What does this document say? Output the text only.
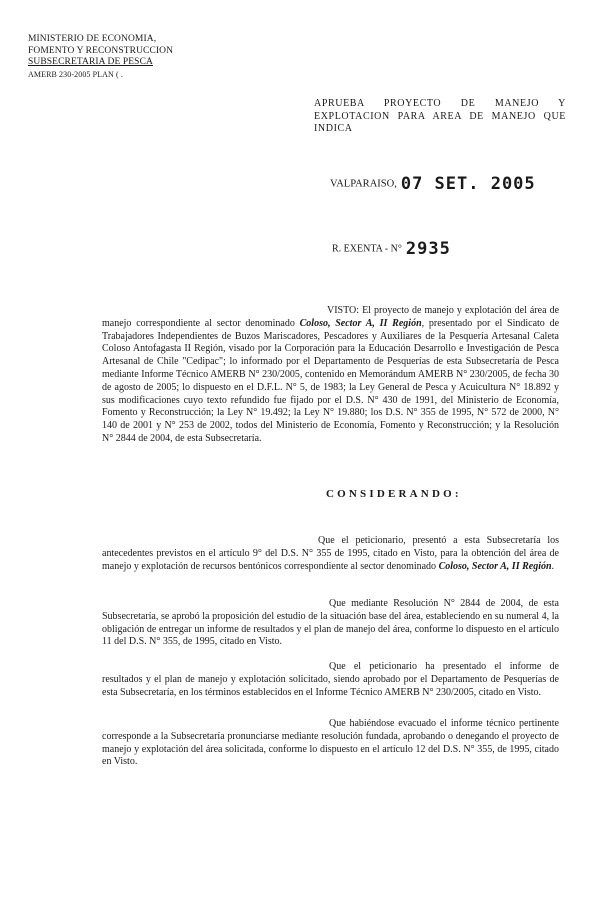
MINISTERIO DE ECONOMIA,
FOMENTO Y RECONSTRUCCION
SUBSECRETARIA DE PESCA
AMERB 230-2005 PLAN ( .
APRUEBA PROYECTO DE MANEJO Y EXPLOTACION PARA AREA DE MANEJO QUE INDICA
VALPARAISO, 07 SET. 2005
R. EXENTA - N° 2935
VISTO: El proyecto de manejo y explotación del área de manejo correspondiente al sector denominado Coloso, Sector A, II Región, presentado por el Sindicato de Trabajadores Independientes de Buzos Mariscadores, Pescadores y Auxiliares de la Pesquería Artesanal Caleta Coloso Antofagasta II Región, visado por la Corporación para la Educación Desarrollo e Investigación de Pesca Artesanal de Chile "Cedipac"; lo informado por el Departamento de Pesquerías de esta Subsecretaría de Pesca mediante Informe Técnico AMERB N° 230/2005, contenido en Memorándum AMERB N° 230/2005, de fecha 30 de agosto de 2005; lo dispuesto en el D.F.L. N° 5, de 1983; la Ley General de Pesca y Acuicultura N° 18.892 y sus modificaciones cuyo texto refundido fue fijado por el D.S. N° 430 de 1991, del Ministerio de Economía, Fomento y Reconstrucción; la Ley N° 19.492; la Ley N° 19.880; los D.S. N° 355 de 1995, N° 572 de 2000, N° 140 de 2001 y N° 253 de 2002, todos del Ministerio de Economía, Fomento y Reconstrucción; y la Resolución N° 2844 de 2004, de esta Subsecretaría.
CONSIDERANDO:
Que el peticionario, presentó a esta Subsecretaría los antecedentes previstos en el artículo 9° del D.S. N° 355 de 1995, citado en Visto, para la obtención del área de manejo y explotación de recursos bentónicos correspondiente al sector denominado Coloso, Sector A, II Región.
Que mediante Resolución N° 2844 de 2004, de esta Subsecretaría, se aprobó la proposición del estudio de la situación base del área, estableciendo en su numeral 4, la obligación de entregar un informe de resultados y el plan de manejo del área, conforme lo dispuesto en el artículo 11 del D.S. N° 355, de 1995, citado en Visto.
Que el peticionario ha presentado el informe de resultados y el plan de manejo y explotación solicitado, siendo aprobado por el Departamento de Pesquerías de esta Subsecretaría, en los términos establecidos en el Informe Técnico AMERB N° 230/2005, citado en Visto.
Que habiéndose evacuado el informe técnico pertinente corresponde a la Subsecretaría pronunciarse mediante resolución fundada, aprobando o denegando el proyecto de manejo y explotación del área solicitada, conforme lo dispuesto en el artículo 12 del D.S. N° 355, de 1995, citado en Visto.
